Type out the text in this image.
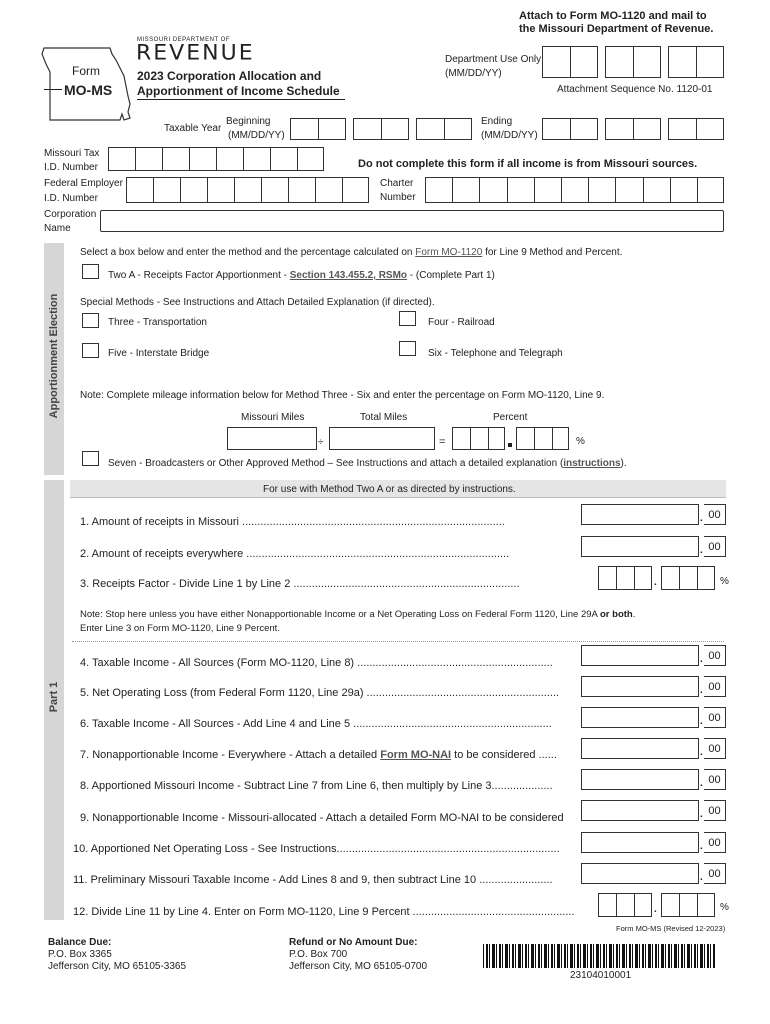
Attach to Form MO-1120 and mail to
the Missouri Department of Revenue.
Form
MO-MS
MISSOURI DEPARTMENT OF
REVENUE
2023 Corporation Allocation and
Apportionment of Income Schedule
Department Use Only
(MM/DD/YY)
Attachment Sequence No. 1120-01
Beginning
Taxable Year
(MM/DD/YY)
Ending
(MM/DD/YY)
Missouri Tax
I.D. Number	Do not complete this form if all income is from Missouri sources.
Federal Employer
I.D. Number
Charter
Number
Corporation
Name
Apportionment Election
Select a box below and enter the method and the percentage calculated on Form MO-1120 for Line 9 Method and Percent.
Two A - Receipts Factor Apportionment - Section 143.455.2, RSMo - (Complete Part 1)
Special Methods - See Instructions and Attach Detailed Explanation (if directed).
Three - Transportation	Four - Railroad
Five - Interstate Bridge	Six - Telephone and Telegraph
Note: Complete mileage information below for Method Three - Six and enter the percentage on Form MO-1120, Line 9.
Missouri Miles	Total Miles	Percent
÷	=	%
Seven - Broadcasters or Other Approved Method – See Instructions and attach a detailed explanation (instructions).
Part 1
For use with Method Two A or as directed by instructions.
1. Amount of receipts in Missouri ......................................................................................	. 00
2. Amount of receipts everywhere ......................................................................................	. 00
3. Receipts Factor - Divide Line 1 by Line 2 ..........................................................................	.	%
Note: Stop here unless you have either Nonapportionable Income or a Net Operating Loss on Federal Form 1120, Line 29A or both.
Enter Line 3 on Form MO-1120, Line 9 Percent.
4. Taxable Income - All Sources (Form MO-1120, Line 8) ................................................................	. 00
5. Net Operating Loss (from Federal Form 1120, Line 29a) ...............................................................	. 00
6. Taxable Income - All Sources - Add Line 4 and Line 5 .................................................................	. 00
7. Nonapportionable Income - Everywhere - Attach a detailed Form MO-NAI to be considered ......	. 00
8. Apportioned Missouri Income - Subtract Line 7 from Line 6, then multiply by Line 3....................	. 00
9. Nonapportionable Income - Missouri-allocated - Attach a detailed Form MO-NAI to be considered	. 00
10. Apportioned Net Operating Loss - See Instructions.........................................................................	. 00
11. Preliminary Missouri Taxable Income - Add Lines 8 and 9, then subtract Line 10 ........................	. 00
12. Divide Line 11 by Line 4. Enter on Form MO-1120, Line 9 Percent .....................................................	.	%
Form MO-MS (Revised 12-2023)
Balance Due:
P.O. Box 3365
Jefferson City, MO 65105-3365
Refund or No Amount Due:
P.O. Box 700
Jefferson City, MO 65105-0700
23104010001
